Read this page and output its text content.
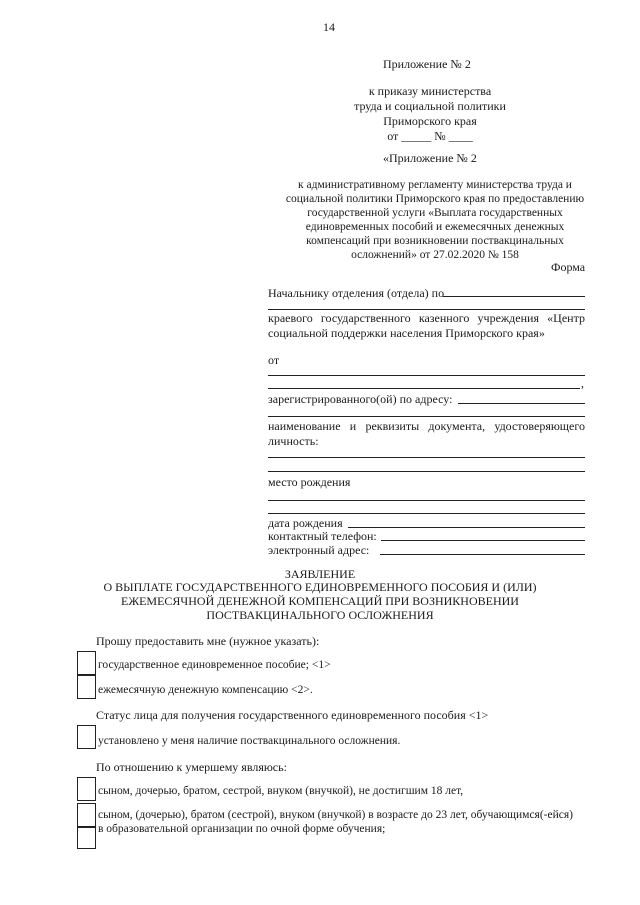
14
Приложение № 2
к приказу министерства
труда и социальной политики
Приморского края
от _____ № ____
«Приложение № 2
к административному регламенту министерства труда и
социальной политики Приморского края по предоставлению
государственной услуги «Выплата государственных
единовременных пособий и ежемесячных денежных
компенсаций при возникновении поствакцинальных
осложнений» от 27.02.2020 № 158
Форма
Начальнику отделения (отдела) по
краевого государственного казенного учреждения «Центр социальной поддержки населения Приморского края»
от
,
зарегистрированного(ой) по адресу:
наименование и реквизиты документа, удостоверяющего личность:
место рождения
дата рождения
контактный телефон:
электронный адрес:
ЗАЯВЛЕНИЕ
О ВЫПЛАТЕ ГОСУДАРСТВЕННОГО ЕДИНОВРЕМЕННОГО ПОСОБИЯ И (ИЛИ)
ЕЖЕМЕСЯЧНОЙ ДЕНЕЖНОЙ КОМПЕНСАЦИЙ ПРИ ВОЗНИКНОВЕНИИ
ПОСТВАКЦИНАЛЬНОГО ОСЛОЖНЕНИЯ
Прошу предоставить мне (нужное указать):
государственное единовременное пособие; <1>
ежемесячную денежную компенсацию <2>.
Статус лица для получения государственного единовременного пособия <1>
установлено у меня наличие поствакцинального осложнения.
По отношению к умершему являюсь:
сыном, дочерью, братом, сестрой, внуком (внучкой), не достигшим 18 лет,
сыном, (дочерью), братом (сестрой), внуком (внучкой) в возрасте до 23 лет, обучающимся(-ейся)
в образовательной организации по очной форме обучения;
